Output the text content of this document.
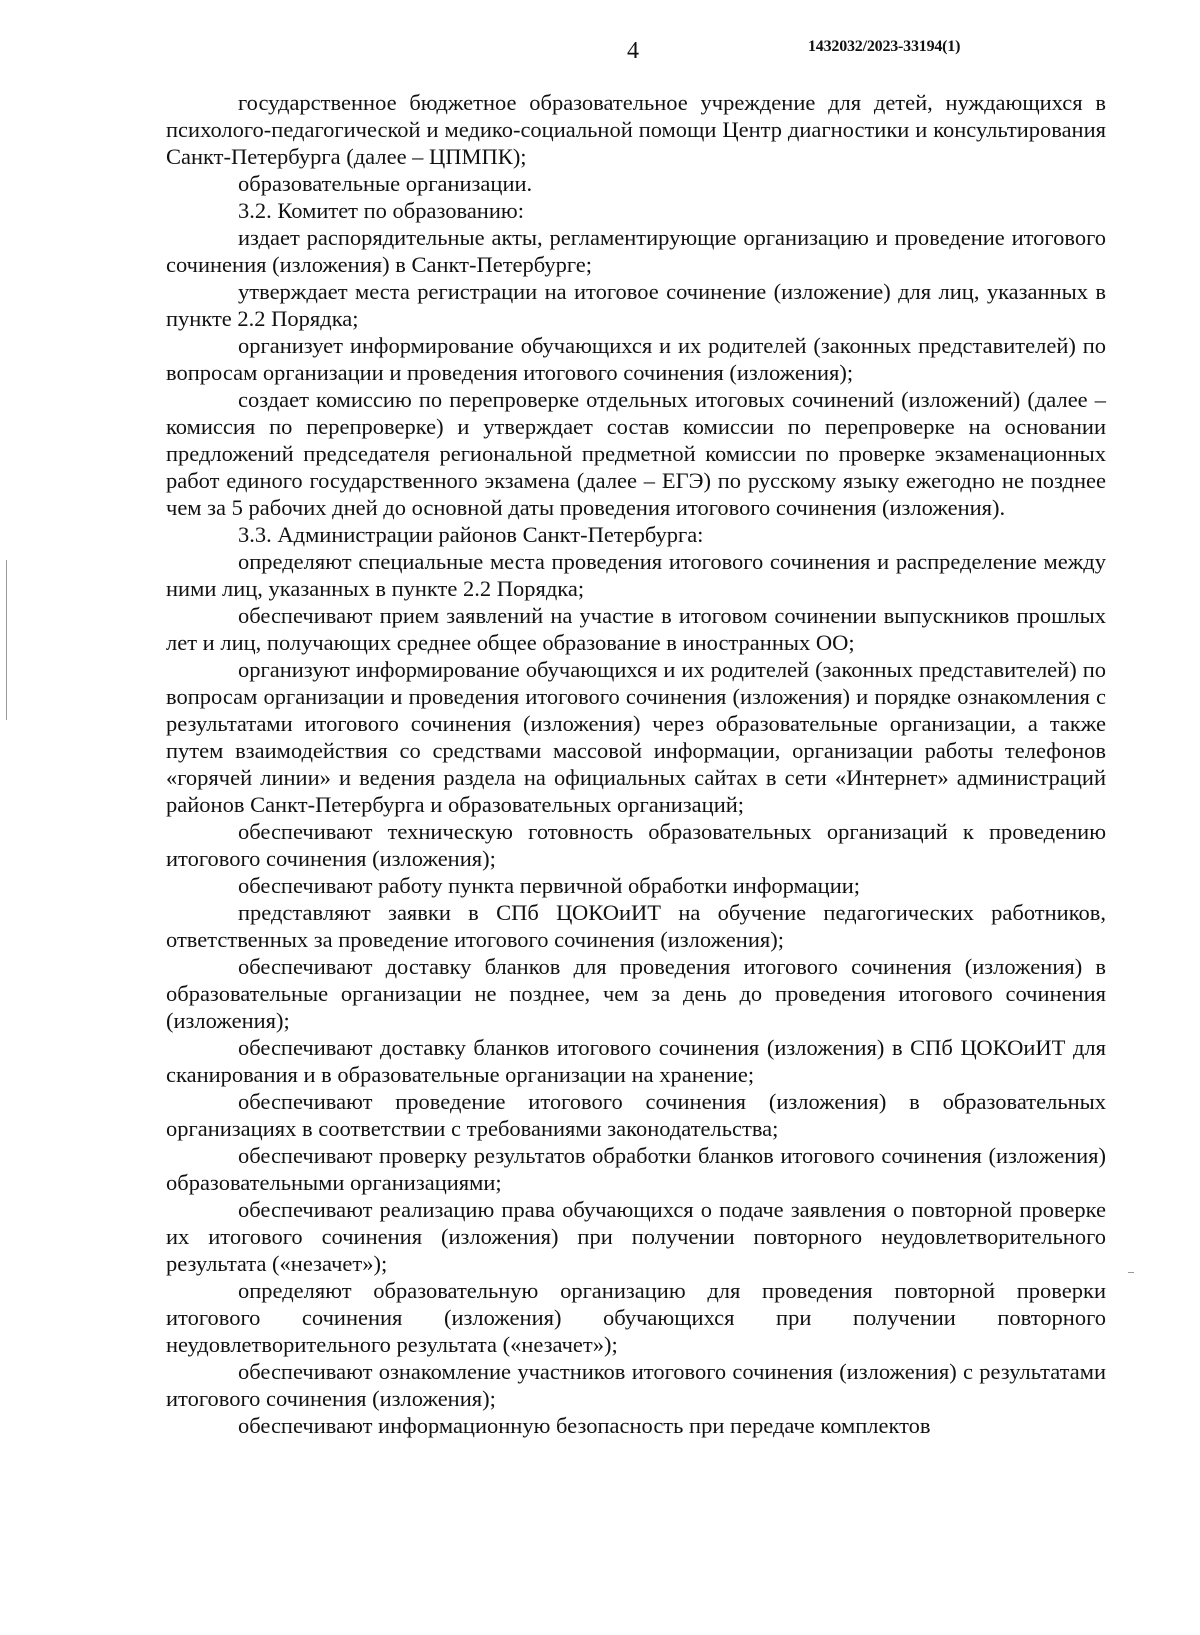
4	1432032/2023-33194(1)

государственное бюджетное образовательное учреждение для детей, нуждающихся в психолого-педагогической и медико-социальной помощи Центр диагностики и консультирования Санкт-Петербурга (далее – ЦПМПК);

образовательные организации.

3.2. Комитет по образованию:

издает распорядительные акты, регламентирующие организацию и проведение итогового сочинения (изложения) в Санкт-Петербурге;

утверждает места регистрации на итоговое сочинение (изложение) для лиц, указанных в пункте 2.2 Порядка;

организует информирование обучающихся и их родителей (законных представителей) по вопросам организации и проведения итогового сочинения (изложения);

создает комиссию по перепроверке отдельных итоговых сочинений (изложений) (далее – комиссия по перепроверке) и утверждает состав комиссии по перепроверке на основании предложений председателя региональной предметной комиссии по проверке экзаменационных работ единого государственного экзамена (далее – ЕГЭ) по русскому языку ежегодно не позднее чем за 5 рабочих дней до основной даты проведения итогового сочинения (изложения).

3.3. Администрации районов Санкт-Петербурга:

определяют специальные места проведения итогового сочинения и распределение между ними лиц, указанных в пункте 2.2 Порядка;

обеспечивают прием заявлений на участие в итоговом сочинении выпускников прошлых лет и лиц, получающих среднее общее образование в иностранных ОО;

организуют информирование обучающихся и их родителей (законных представителей) по вопросам организации и проведения итогового сочинения (изложения) и порядке ознакомления с результатами итогового сочинения (изложения) через образовательные организации, а также путем взаимодействия со средствами массовой информации, организации работы телефонов «горячей линии» и ведения раздела на официальных сайтах в сети «Интернет» администраций районов Санкт-Петербурга и образовательных организаций;

обеспечивают техническую готовность образовательных организаций к проведению итогового сочинения (изложения);

обеспечивают работу пункта первичной обработки информации;

представляют заявки в СПб ЦОКОиИТ на обучение педагогических работников, ответственных за проведение итогового сочинения (изложения);

обеспечивают доставку бланков для проведения итогового сочинения (изложения) в образовательные организации не позднее, чем за день до проведения итогового сочинения (изложения);

обеспечивают доставку бланков итогового сочинения (изложения) в СПб ЦОКОиИТ для сканирования и в образовательные организации на хранение;

обеспечивают проведение итогового сочинения (изложения) в образовательных организациях в соответствии с требованиями законодательства;

обеспечивают проверку результатов обработки бланков итогового сочинения (изложения) образовательными организациями;

обеспечивают реализацию права обучающихся о подаче заявления о повторной проверке их итогового сочинения (изложения) при получении повторного неудовлетворительного результата («незачет»);

определяют образовательную организацию для проведения повторной проверки итогового сочинения (изложения) обучающихся при получении повторного неудовлетворительного результата («незачет»);

обеспечивают ознакомление участников итогового сочинения (изложения) с результатами итогового сочинения (изложения);

обеспечивают информационную безопасность при передаче комплектов
